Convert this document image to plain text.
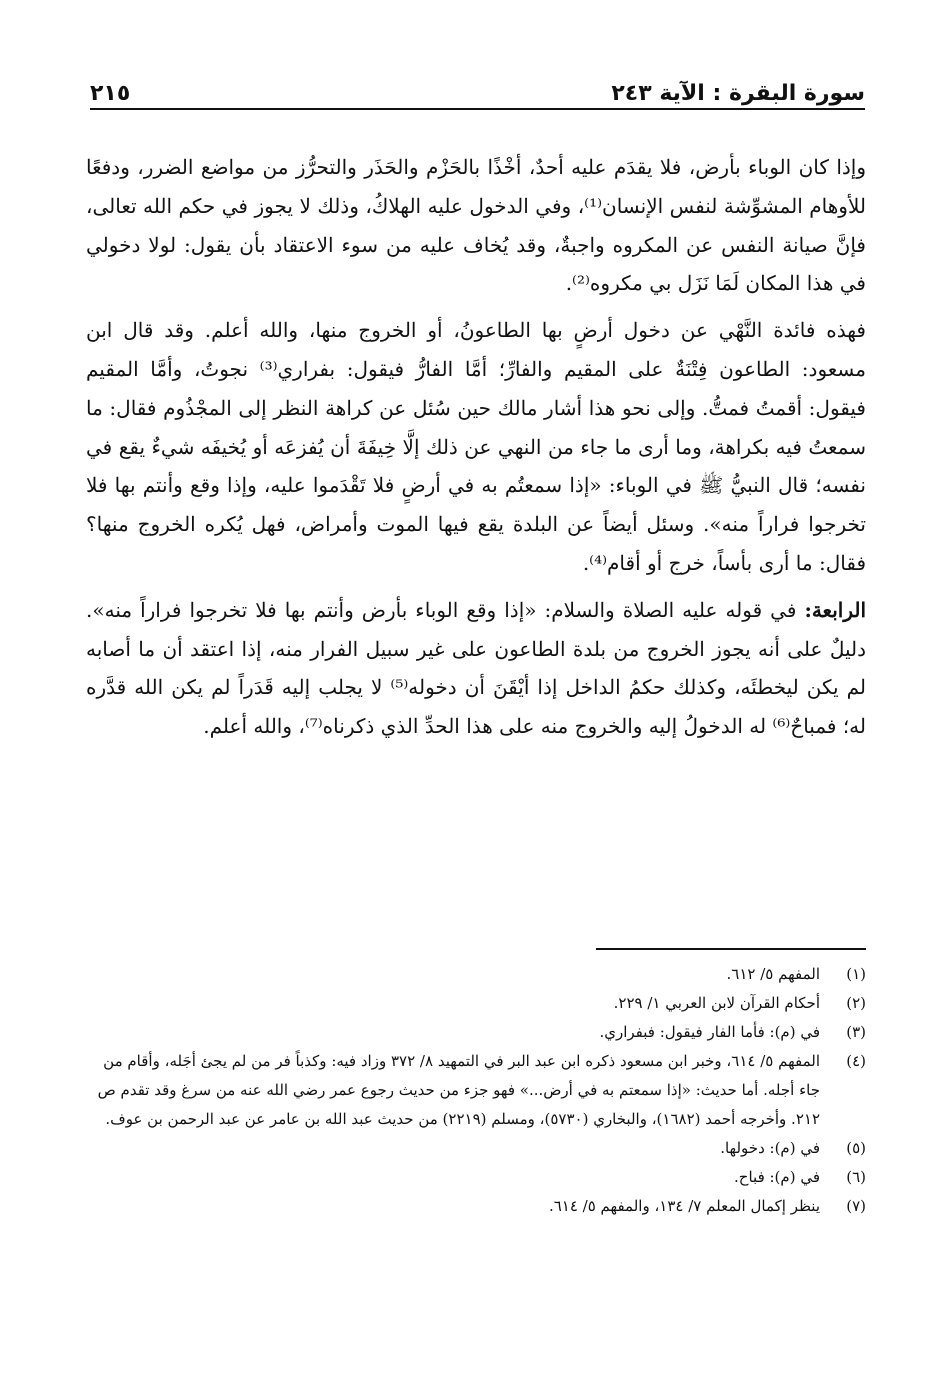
سورة البقرة : الآية ٢٤٣
٢١٥

وإذا كان الوباء بأرض، فلا يقدَم عليه أحدٌ، أخْذًا بالحَزْم والحَذَر والتحرُّز من مواضع الضرر، ودفعًا للأوهام المشوِّشة لنفس الإنسان⁽¹⁾، وفي الدخول عليه الهلاكُ، وذلك لا يجوز في حكم الله تعالى، فإنَّ صيانة النفس عن المكروه واجبةٌ، وقد يُخاف عليه من سوء الاعتقاد بأن يقول: لولا دخولي في هذا المكان لَمَا نَزَل بي مكروه⁽²⁾.

فهذه فائدة النَّهْي عن دخول أرضٍ بها الطاعونُ، أو الخروج منها، والله أعلم. وقد قال ابن مسعود: الطاعون فِتْنَةٌ على المقيم والفارِّ؛ أمَّا الفارُّ فيقول: بفراري⁽³⁾ نجوتُ، وأمَّا المقيم فيقول: أقمتُ فمتُّ. وإلى نحو هذا أشار مالك حين سُئل عن كراهة النظر إلى المجْذُوم فقال: ما سمعتُ فيه بكراهة، وما أرى ما جاء من النهي عن ذلك إلَّا خِيفَةَ أن يُفزعَه أو يُخيفَه شيءٌ يقع في نفسه؛ قال النبيُّ ﷺ في الوباء: «إذا سمعتُم به في أرضٍ فلا تَقْدَموا عليه، وإذا وقع وأنتم بها فلا تخرجوا فراراً منه». وسئل أيضاً عن البلدة يقع فيها الموت وأمراض، فهل يُكره الخروج منها؟ فقال: ما أرى بأساً، خرج أو أقام⁽⁴⁾.

الرابعة: في قوله عليه الصلاة والسلام: «إذا وقع الوباء بأرض وأنتم بها فلا تخرجوا فراراً منه». دليلٌ على أنه يجوز الخروج من بلدة الطاعون على غير سبيل الفرار منه، إذا اعتقد أن ما أصابه لم يكن ليخطئَه، وكذلك حكمُ الداخل إذا أيْقَنَ أن دخوله⁽⁵⁾ لا يجلب إليه قَدَراً لم يكن الله قدَّره له؛ فمباحٌ⁽⁶⁾ له الدخولُ إليه والخروج منه على هذا الحدِّ الذي ذكرناه⁽⁷⁾، والله أعلم.

(١)
المفهم ٥/ ٦١٢.
(٢)
أحكام القرآن لابن العربي ١/ ٢٢٩.
(٣)
في (م): فأما الفار فيقول: فبفراري.
(٤)
المفهم ٥/ ٦١٤، وخبر ابن مسعود ذكره ابن عبد البر في التمهيد ٨/ ٣٧٢ وزاد فيه: وكذباً فر من لم يجئ أجَله، وأقام من جاء أجله. أما حديث: «إذا سمعتم به في أرض...» فهو جزء من حديث رجوع عمر رضي الله عنه من سرغ وقد تقدم ص ٢١٢. وأخرجه أحمد (١٦٨٢)، والبخاري (٥٧٣٠)، ومسلم (٢٢١٩) من حديث عبد الله بن عامر عن عبد الرحمن بن عوف.
(٥)
في (م): دخولها.
(٦)
في (م): فباح.
(٧)
ينظر إكمال المعلم ٧/ ١٣٤، والمفهم ٥/ ٦١٤.
